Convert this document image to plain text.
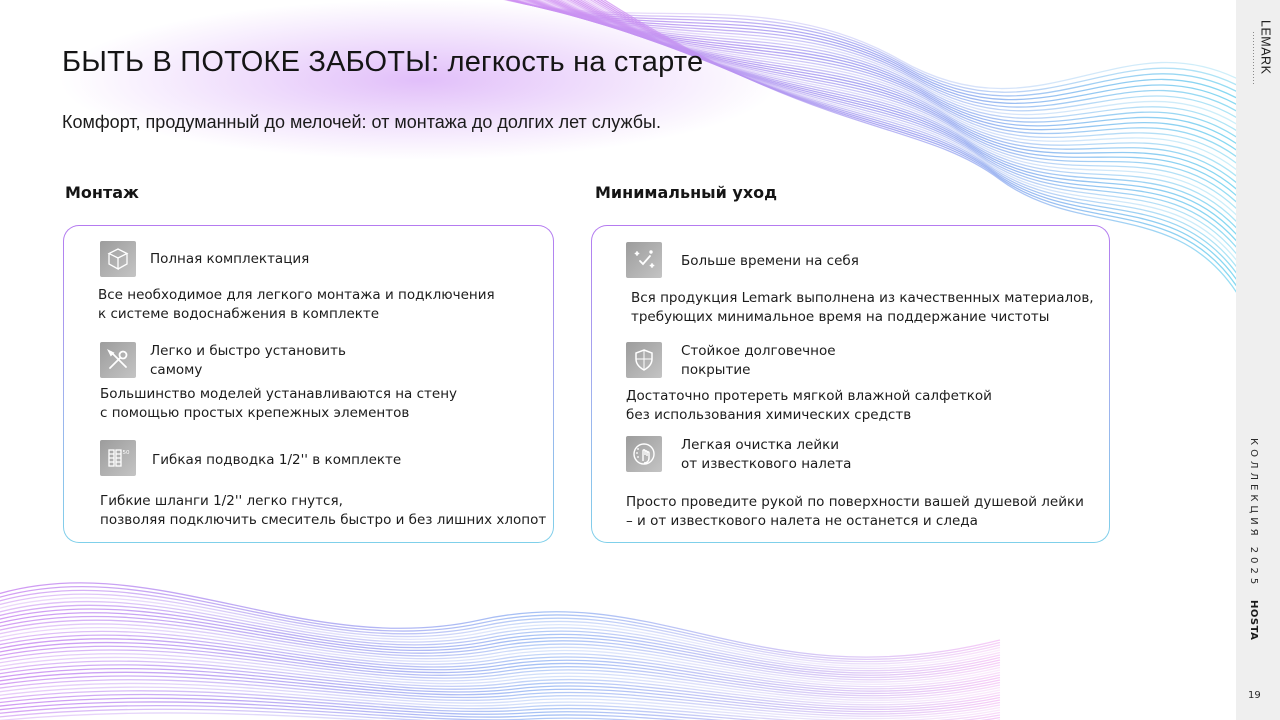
БЫТЬ В ПОТОКЕ ЗАБОТЫ: легкость на старте
Комфорт, продуманный до мелочей: от монтажа до долгих лет службы.
Монтаж	Минимальный уход
Полная комплектация
Все необходимое для легкого монтажа и подключения
к системе водоснабжения в комплекте
Легко и быстро установить
самому
Большинство моделей устанавливаются на стену
с помощью простых крепежных элементов
50 Гибкая подводка 1/2'' в комплекте
Гибкие шланги 1/2'' легко гнутся,
позволяя подключить смеситель быстро и без лишних хлопот
Больше времени на себя
Вся продукция Lemark выполнена из качественных материалов,
требующих минимальное время на поддержание чистоты
Стойкое долговечное
покрытие
Достаточно протереть мягкой влажной салфеткой
без использования химических средств
Легкая очистка лейки
от известкового налета
Просто проведите рукой по поверхности вашей душевой лейки
– и от известкового налета не останется и следа
LEMARK
КОЛЛЕКЦИЯ 2025
HOSTA
19
